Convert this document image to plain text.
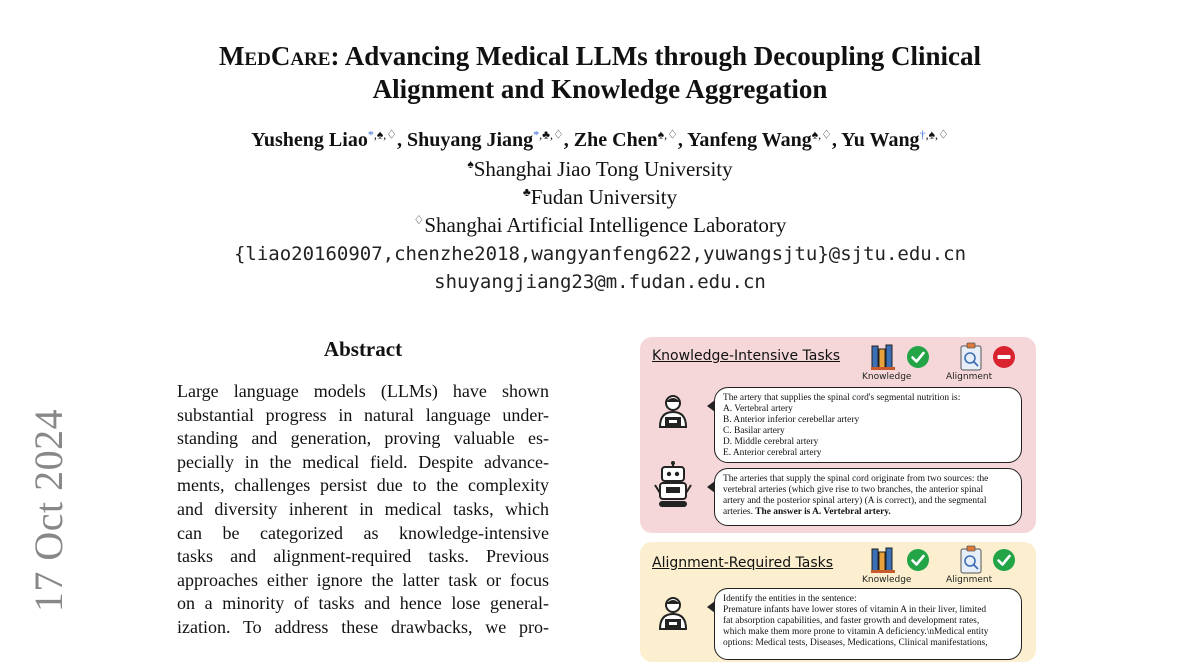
17 Oct 2024
MedCare: Advancing Medical LLMs through Decoupling Clinical
Alignment and Knowledge Aggregation
Yusheng Liao*,♠,♢, Shuyang Jiang*,♣,♢, Zhe Chen♠,♢, Yanfeng Wang♠,♢, Yu Wang†,♠,♢
♠Shanghai Jiao Tong University
♣Fudan University
♢Shanghai Artificial Intelligence Laboratory
{liao20160907,chenzhe2018,wangyanfeng622,yuwangsjtu}@sjtu.edu.cn
shuyangjiang23@m.fudan.edu.cn
Abstract
Large language models (LLMs) have shown
substantial progress in natural language under-
standing and generation, proving valuable es-
pecially in the medical field. Despite advance-
ments, challenges persist due to the complexity
and diversity inherent in medical tasks, which
can be categorized as knowledge-intensive
tasks and alignment-required tasks. Previous
approaches either ignore the latter task or focus
on a minority of tasks and hence lose general-
ization. To address these drawbacks, we pro-
Knowledge-Intensive Tasks
Knowledge	Alignment
The artery that supplies the spinal cord's segmental nutrition is:
A. Vertebral artery
B. Anterior inferior cerebellar artery
C. Basilar artery
D. Middle cerebral artery
E. Anterior cerebral artery
The arteries that supply the spinal cord originate from two sources: the
vertebral arteries (which give rise to two branches, the anterior spinal
artery and the posterior spinal artery) (A is correct), and the segmental
arteries. The answer is A. Vertebral artery.
Alignment-Required Tasks
Knowledge	Alignment
Identify the entities in the sentence:
Premature infants have lower stores of vitamin A in their liver, limited
fat absorption capabilities, and faster growth and development rates,
which make them more prone to vitamin A deficiency.\nMedical entity
options: Medical tests, Diseases, Medications, Clinical manifestations,
